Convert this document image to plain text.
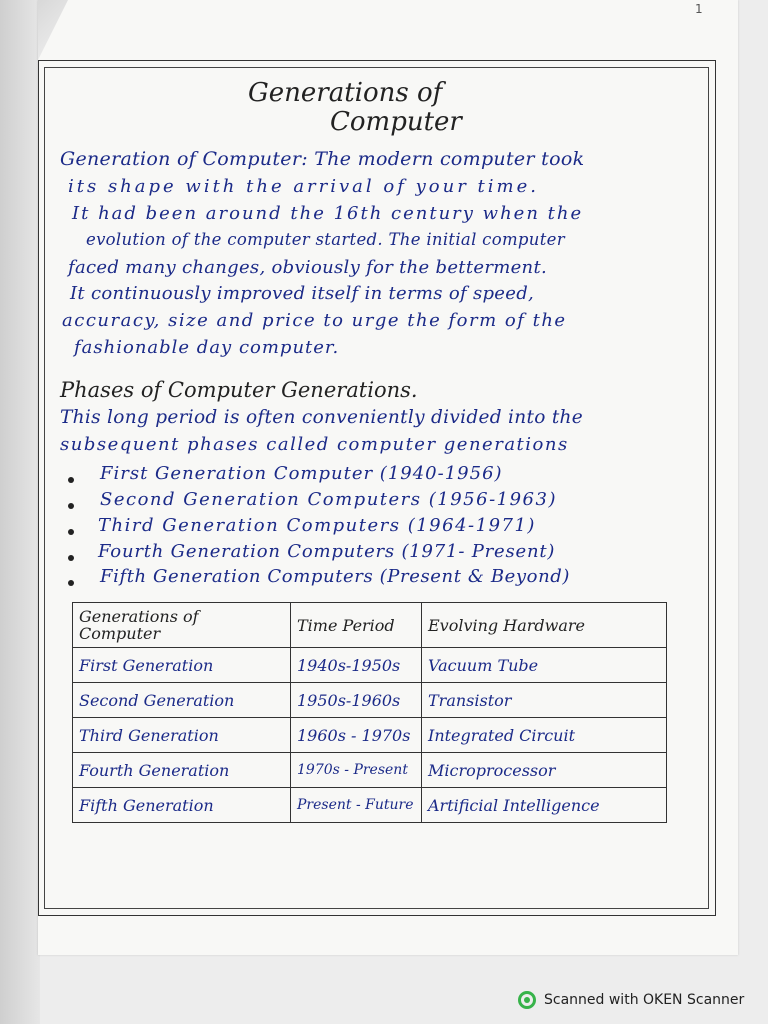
1
Generations of
Computer
Generation of Computer: The modern computer took
its shape with the arrival of your time.
It had been around the 16th century when the
evolution of the computer started. The initial computer
faced many changes, obviously for the betterment.
It continuously improved itself in terms of speed,
accuracy, size and price to urge the form of the
fashionable day computer.
Phases of Computer Generations.
This long period is often conveniently divided into the
subsequent phases called computer generations
First Generation Computer (1940-1956)
Second Generation Computers (1956-1963)
Third Generation Computers (1964-1971)
Fourth Generation Computers (1971- Present)
Fifth Generation Computers (Present & Beyond)
Generations of Computer	Time Period	Evolving Hardware
First Generation	1940s-1950s	Vacuum Tube
Second Generation	1950s-1960s	Transistor
Third Generation	1960s - 1970s	Integrated Circuit
Fourth Generation	1970s - Present	Microprocessor
Fifth Generation	Present - Future	Artificial Intelligence
Scanned with OKEN Scanner
